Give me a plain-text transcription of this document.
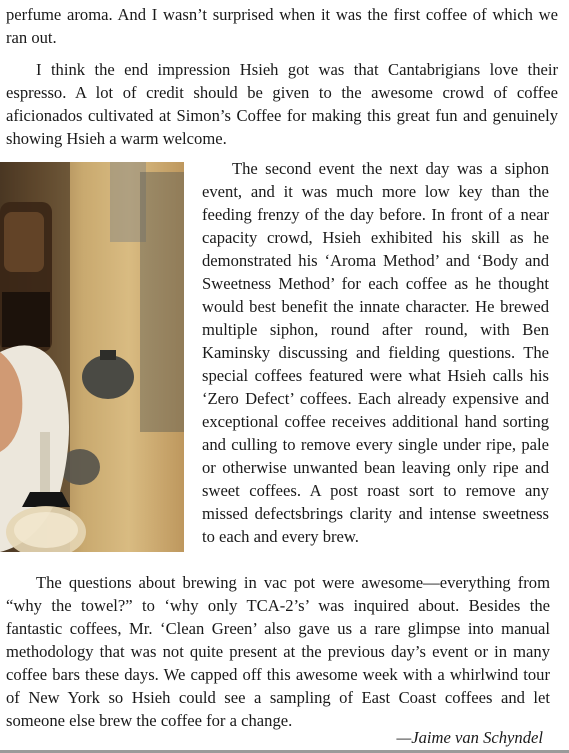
perfume aroma. And I wasn’t surprised when it was the first coffee of which we ran out.

I think the end impression Hsieh got was that Cantabrigians love their espresso. A lot of credit should be given to the awesome crowd of coffee aficionados cultivated at Simon’s Coffee for making this great fun and genuinely showing Hsieh a warm welcome.

The second event the next day was a siphon event, and it was much more low key than the feeding frenzy of the day before. In front of a near capacity crowd, Hsieh exhibited his skill as he demonstrated his ‘Aroma Method’ and ‘Body and Sweetness Method’ for each coffee as he thought would best benefit the innate character. He brewed multiple siphon, round after round, with Ben Kaminsky discussing and fielding questions. The special coffees featured were what Hsieh calls his ‘Zero Defect’ coffees. Each already expensive and exceptional coffee receives additional hand sorting and culling to remove every single under ripe, pale or otherwise unwanted bean leaving only ripe and sweet coffees. A post roast sort to remove any missed defectsbrings clarity and intense sweetness to each and every brew.

The questions about brewing in vac pot were awesome—everything from “why the towel?” to ‘why only TCA-2’s’ was inquired about. Besides the fantastic coffees, Mr. ‘Clean Green’ also gave us a rare glimpse into manual methodology that was not quite present at the previous day’s event or in many coffee bars these days. We capped off this awesome week with a whirlwind tour of New York so Hsieh could see a sampling of East Coast coffees and let someone else brew the coffee for a change.

—Jaime van Schyndel
